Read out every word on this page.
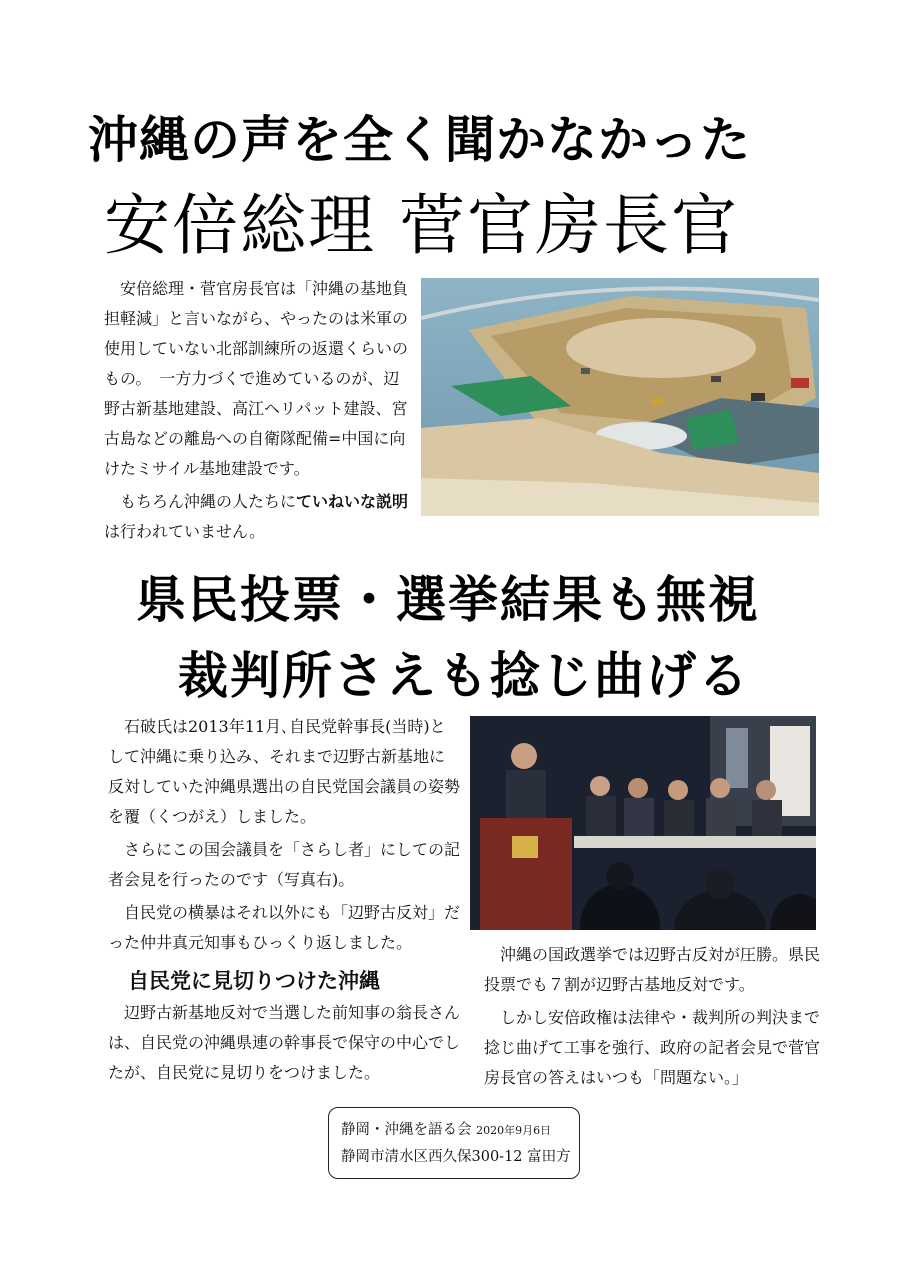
沖縄の声を全く聞かなかった
安倍総理 菅官房長官

安倍総理・菅官房長官は「沖縄の基地負担軽減」と言いながら、やったのは米軍の使用していない北部訓練所の返還くらいのもの。　一方力づくで進めているのが、辺野古新基地建設、高江ヘリパット建設、宮古島などの離島への自衛隊配備=中国に向けたミサイル基地建設です。

もちろん沖縄の人たちにていねいな説明は行われていません。

県民投票・選挙結果も無視
裁判所さえも捻じ曲げる

石破氏は2013年11月､自民党幹事長(当時)として沖縄に乗り込み、それまで辺野古新基地に反対していた沖縄県選出の自民党国会議員の姿勢を覆（くつがえ）しました。

さらにこの国会議員を「さらし者」にしての記者会見を行ったのです（写真右)。

自民党の横暴はそれ以外にも「辺野古反対」だった仲井真元知事もひっくり返しました。

自民党に見切りつけた沖縄

辺野古新基地反対で当選した前知事の翁長さんは、自民党の沖縄県連の幹事長で保守の中心でしたが、自民党に見切りをつけました。

沖縄の国政選挙では辺野古反対が圧勝。県民投票でも７割が辺野古基地反対です。

しかし安倍政権は法律や・裁判所の判決まで捻じ曲げて工事を強行、政府の記者会見で菅官房長官の答えはいつも「問題ない。」

静岡・沖縄を語る会 2020年9月6日
静岡市清水区西久保300-12 富田方
